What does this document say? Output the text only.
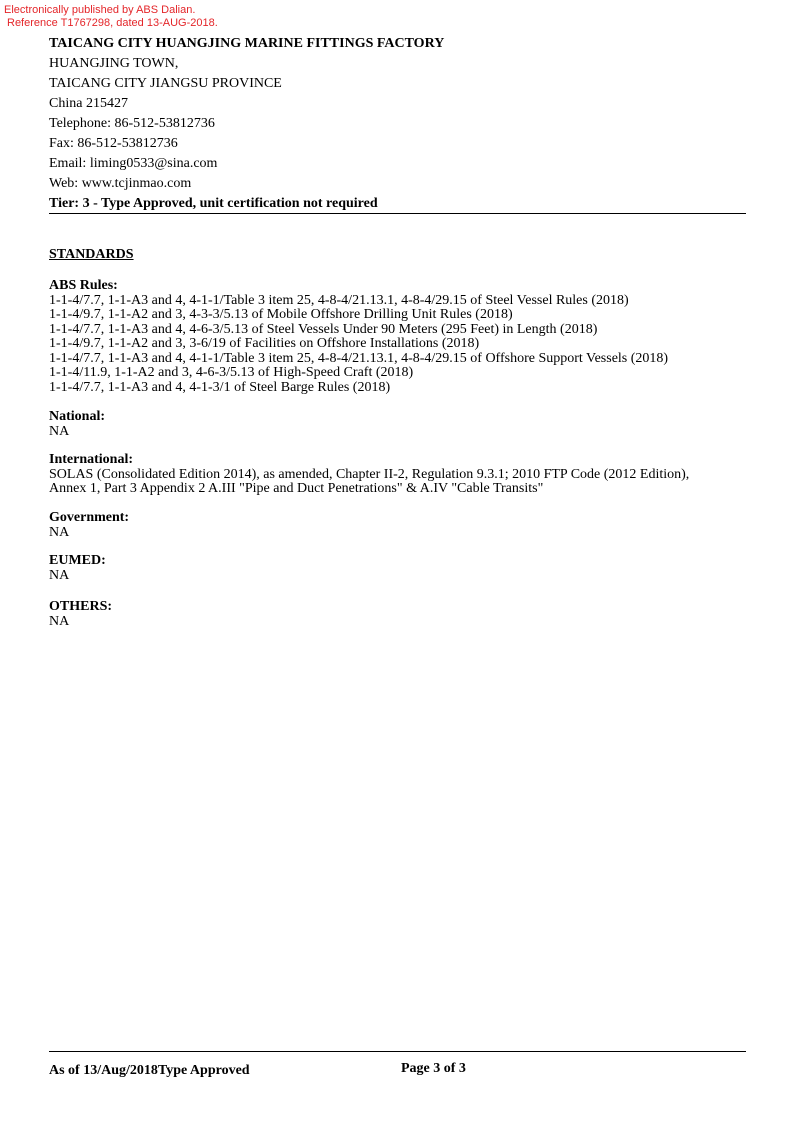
Electronically published by ABS Dalian.
Reference T1767298, dated 13-AUG-2018.
TAICANG CITY HUANGJING MARINE FITTINGS FACTORY
HUANGJING TOWN,
TAICANG CITY JIANGSU PROVINCE
China 215427
Telephone: 86-512-53812736
Fax: 86-512-53812736
Email: liming0533@sina.com
Web: www.tcjinmao.com
Tier: 3 - Type Approved, unit certification not required
STANDARDS
ABS Rules:
1-1-4/7.7, 1-1-A3 and 4, 4-1-1/Table 3 item 25, 4-8-4/21.13.1, 4-8-4/29.15 of Steel Vessel Rules (2018)
1-1-4/9.7, 1-1-A2 and 3, 4-3-3/5.13 of Mobile Offshore Drilling Unit Rules (2018)
1-1-4/7.7, 1-1-A3 and 4, 4-6-3/5.13 of Steel Vessels Under 90 Meters (295 Feet) in Length (2018)
1-1-4/9.7, 1-1-A2 and 3, 3-6/19 of Facilities on Offshore Installations (2018)
1-1-4/7.7, 1-1-A3 and 4, 4-1-1/Table 3 item 25, 4-8-4/21.13.1, 4-8-4/29.15 of Offshore Support Vessels (2018)
1-1-4/11.9, 1-1-A2 and 3, 4-6-3/5.13 of High-Speed Craft (2018)
1-1-4/7.7, 1-1-A3 and 4, 4-1-3/1 of Steel Barge Rules (2018)
National:
NA
International:
SOLAS (Consolidated Edition 2014), as amended, Chapter II-2, Regulation 9.3.1; 2010 FTP Code (2012 Edition),
Annex 1, Part 3 Appendix 2 A.III "Pipe and Duct Penetrations" & A.IV "Cable Transits"
Government:
NA
EUMED:
NA
OTHERS:
NA
As of 13/Aug/2018Type Approved	Page 3 of 3
